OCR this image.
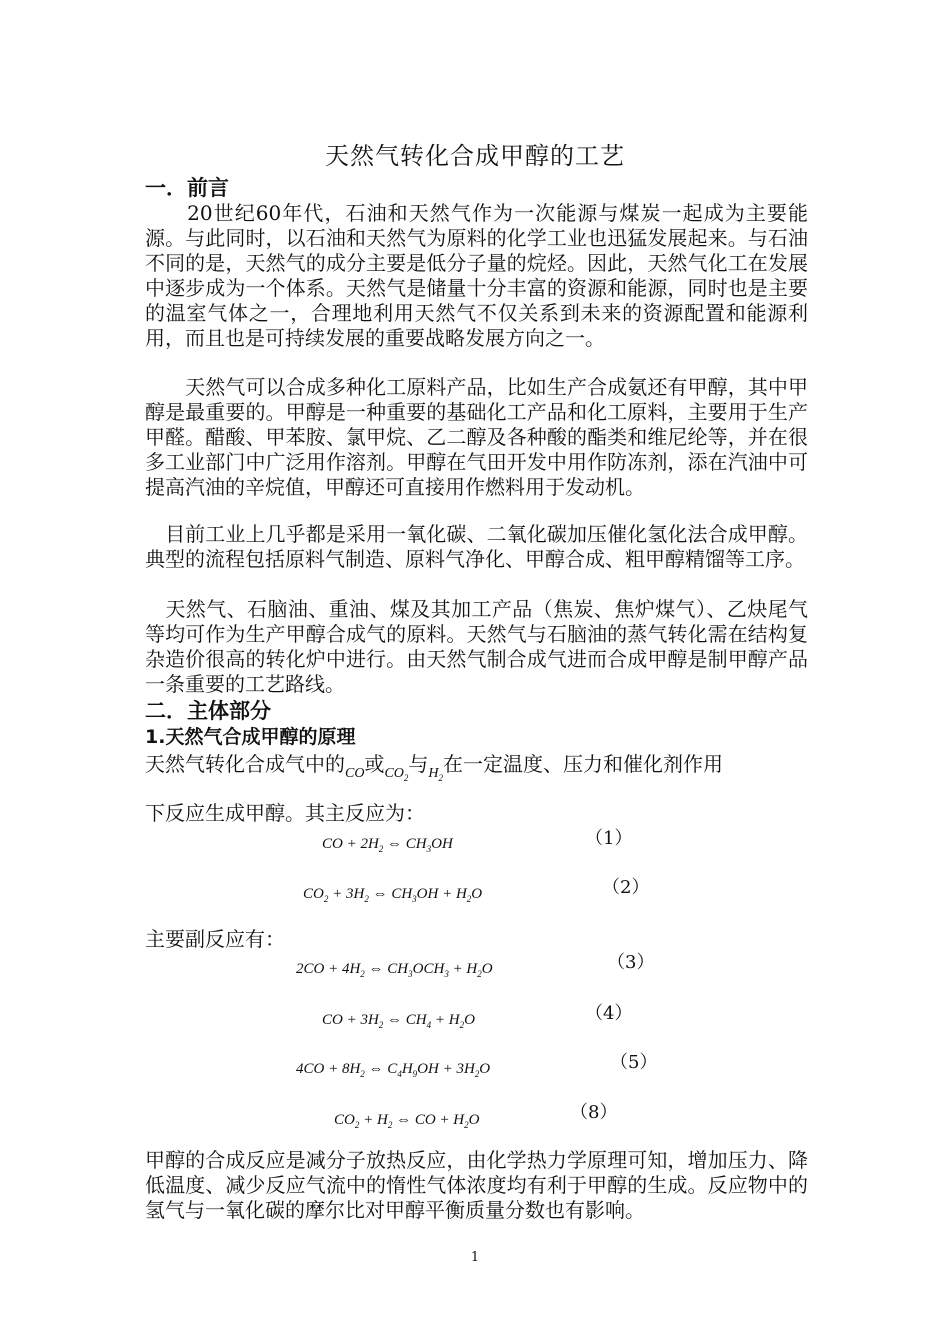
天然气转化合成甲醇的工艺
一．前言
　　20世纪60年代，石油和天然气作为一次能源与煤炭一起成为主要能源。与此同时，以石油和天然气为原料的化学工业也迅猛发展起来。与石油不同的是，天然气的成分主要是低分子量的烷烃。因此，天然气化工在发展中逐步成为一个体系。天然气是储量十分丰富的资源和能源，同时也是主要的温室气体之一，合理地利用天然气不仅关系到未来的资源配置和能源利用，而且也是可持续发展的重要战略发展方向之一。
　　天然气可以合成多种化工原料产品，比如生产合成氨还有甲醇，其中甲醇是最重要的。甲醇是一种重要的基础化工产品和化工原料，主要用于生产甲醛。醋酸、甲苯胺、氯甲烷、乙二醇及各种酸的酯类和维尼纶等，并在很多工业部门中广泛用作溶剂。甲醇在气田开发中用作防冻剂，添在汽油中可提高汽油的辛烷值，甲醇还可直接用作燃料用于发动机。
　目前工业上几乎都是采用一氧化碳、二氧化碳加压催化氢化法合成甲醇。典型的流程包括原料气制造、原料气净化、甲醇合成、粗甲醇精馏等工序。
　天然气、石脑油、重油、煤及其加工产品（焦炭、焦炉煤气）、乙炔尾气等均可作为生产甲醇合成气的原料。天然气与石脑油的蒸气转化需在结构复杂造价很高的转化炉中进行。由天然气制合成气进而合成甲醇是制甲醇产品一条重要的工艺路线。
二．主体部分
1.天然气合成甲醇的原理
天然气转化合成气中的$_{CO}$或$_{CO_2}$与$_{H_2}$在一定温度、压力和催化剂作用
下反应生成甲醇。其主反应为：
CO + $2H_2$ ⇔ $CH_3OH$	（1）
$CO_2 + 3H_2$ ⇔ $CH_3OH + H_2O$	（2）
主要副反应有：
$2CO + 4H_2$ ⇔ $CH_3OCH_3 + H_2O$	（3）
CO + $3H_2$ ⇔ $CH_4 + H_2O$	（4）
$4CO + 8H_2$ ⇔ $C_4H_9OH + 3H_2O$	（5）
$CO_2 + H_2$ ⇔ CO + $H_2O$	（8）
甲醇的合成反应是减分子放热反应，由化学热力学原理可知，增加压力、降低温度、减少反应气流中的惰性气体浓度均有利于甲醇的生成。反应物中的氢气与一氧化碳的摩尔比对甲醇平衡质量分数也有影响。
1
